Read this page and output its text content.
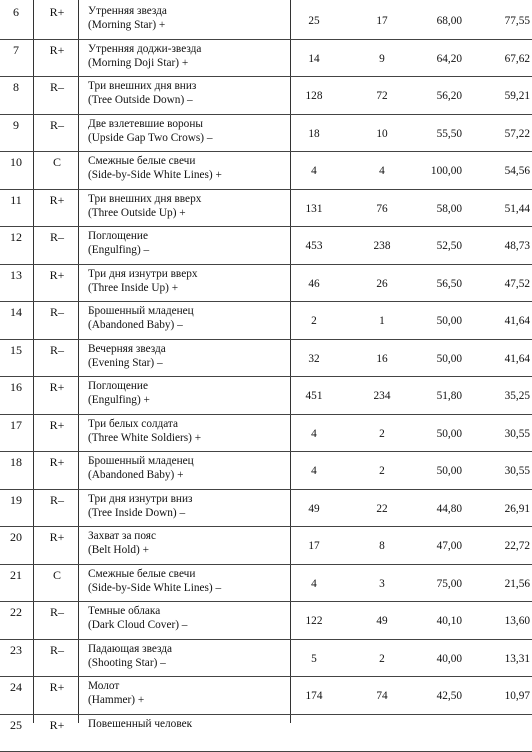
6	R+	Утренняя звезда
(Morning Star) +	25	17	68,00	77,55
7	R+	Утренняя доджи-звезда
(Morning Doji Star) +	14	9	64,20	67,62
8	R–	Три внешних дня вниз
(Tree Outside Down) –	128	72	56,20	59,21
9	R–	Две взлетевшие вороны
(Upside Gap Two Crows) –	18	10	55,50	57,22
10	C	Смежные белые свечи
(Side-by-Side White Lines) +	4	4	100,00	54,56
11	R+	Три внешних дня вверх
(Three Outside Up) +	131	76	58,00	51,44
12	R–	Поглощение
(Engulfing) –	453	238	52,50	48,73
13	R+	Три дня изнутри вверх
(Three Inside Up) +	46	26	56,50	47,52
14	R–	Брошенный младенец
(Abandoned Baby) –	2	1	50,00	41,64
15	R–	Вечерняя звезда
(Evening Star) –	32	16	50,00	41,64
16	R+	Поглощение
(Engulfing) +	451	234	51,80	35,25
17	R+	Три белых солдата
(Three White Soldiers) +	4	2	50,00	30,55
18	R+	Брошенный младенец
(Abandoned Baby) +	4	2	50,00	30,55
19	R–	Три дня изнутри вниз
(Tree Inside Down) –	49	22	44,80	26,91
20	R+	Захват за пояс
(Belt Hold) +	17	8	47,00	22,72
21	C	Смежные белые свечи
(Side-by-Side White Lines) –	4	3	75,00	21,56
22	R–	Темные облака
(Dark Cloud Cover) –	122	49	40,10	13,60
23	R–	Падающая звезда
(Shooting Star) –	5	2	40,00	13,31
24	R+	Молот
(Hammer) +	174	74	42,50	10,97
25	R+	Повешенный человек
